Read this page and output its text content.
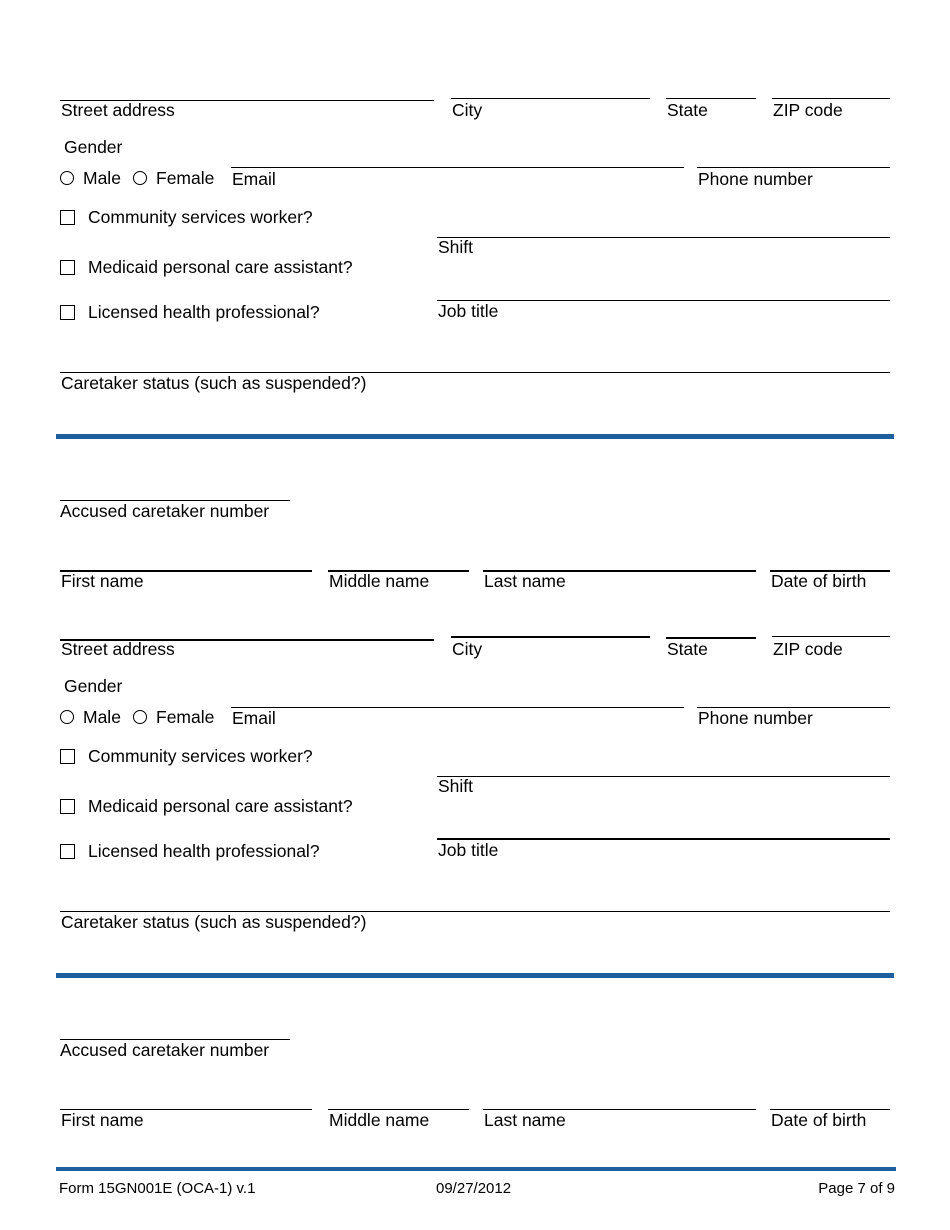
Street address	City	State	ZIP code
Gender
Male Female Email	Phone number
Community services worker?
Shift
Medicaid personal care assistant?
Licensed health professional?	Job title
Caretaker status (such as suspended?)
Accused caretaker number
First name	Middle name	Last name	Date of birth
Street address	City	State	ZIP code
Gender
Male Female Email	Phone number
Community services worker?
Shift
Medicaid personal care assistant?
Licensed health professional?	Job title
Caretaker status (such as suspended?)
Accused caretaker number
First name	Middle name	Last name	Date of birth
Form 15GN001E (OCA-1) v.1	09/27/2012	Page 7 of 9
